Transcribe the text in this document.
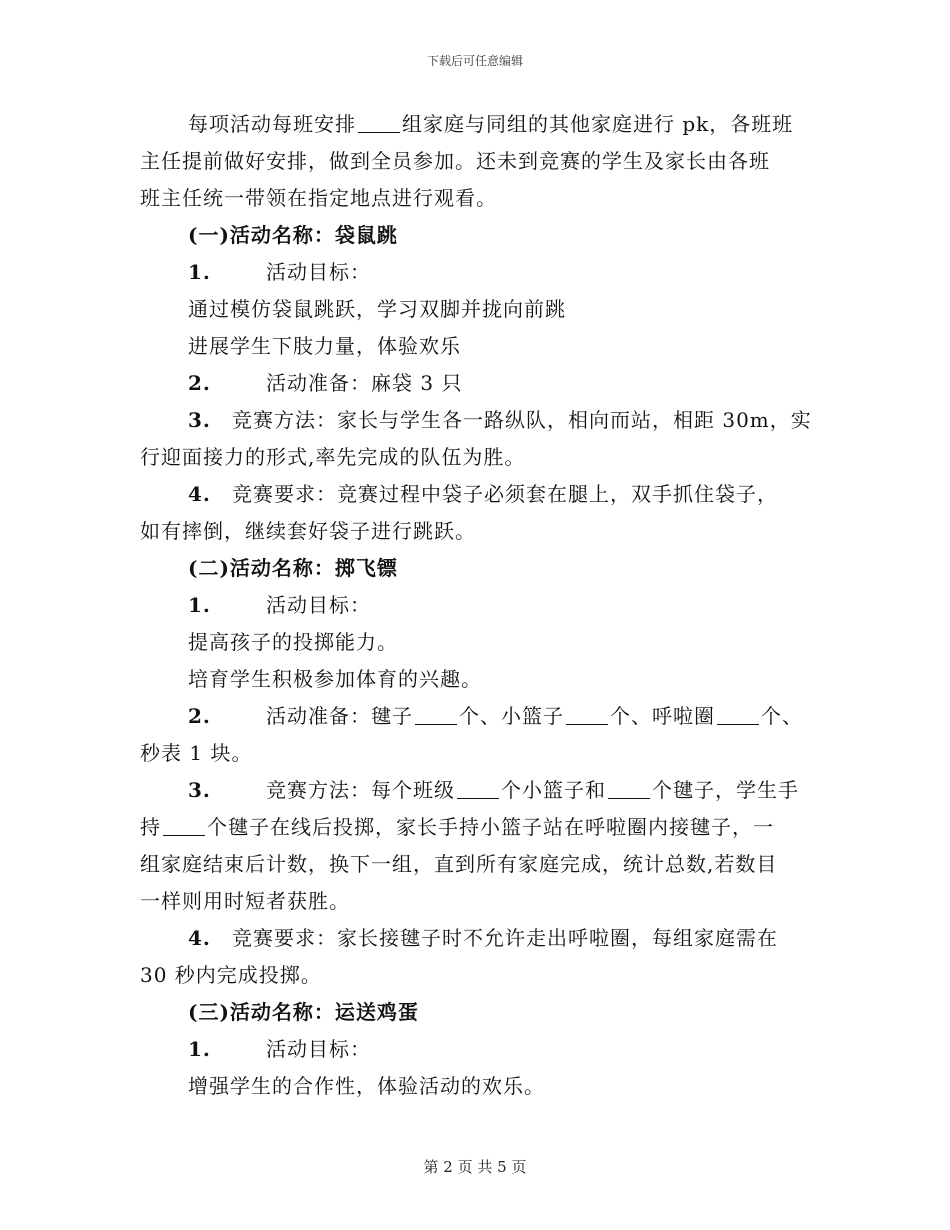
下载后可任意编辑
每项活动每班安排 组家庭与同组的其他家庭进行 pk，各班班
主任提前做好安排，做到全员参加。还未到竞赛的学生及家长由各班
班主任统一带领在指定地点进行观看。
(一)活动名称：袋鼠跳
1.	活动目标：
通过模仿袋鼠跳跃，学习双脚并拢向前跳
进展学生下肢力量，体验欢乐
2.	活动准备：麻袋 3 只
3. 竞赛方法：家长与学生各一路纵队，相向而站，相距 30m，实
行迎面接力的形式,率先完成的队伍为胜。
4. 竞赛要求：竞赛过程中袋子必须套在腿上，双手抓住袋子，
如有摔倒，继续套好袋子进行跳跃。
(二)活动名称：掷飞镖
1.	活动目标：
提高孩子的投掷能力。
培育学生积极参加体育的兴趣。
2.	活动准备：毽子 个、小篮子 个、呼啦圈 个、
秒表 1 块。
3.	竞赛方法：每个班级 个小篮子和 个毽子，学生手
持 个毽子在线后投掷，家长手持小篮子站在呼啦圈内接毽子，一
组家庭结束后计数，换下一组，直到所有家庭完成，统计总数,若数目
一样则用时短者获胜。
4. 竞赛要求：家长接毽子时不允许走出呼啦圈，每组家庭需在
30 秒内完成投掷。
(三)活动名称：运送鸡蛋
1.	活动目标：
增强学生的合作性，体验活动的欢乐。
第 2 页 共 5 页
